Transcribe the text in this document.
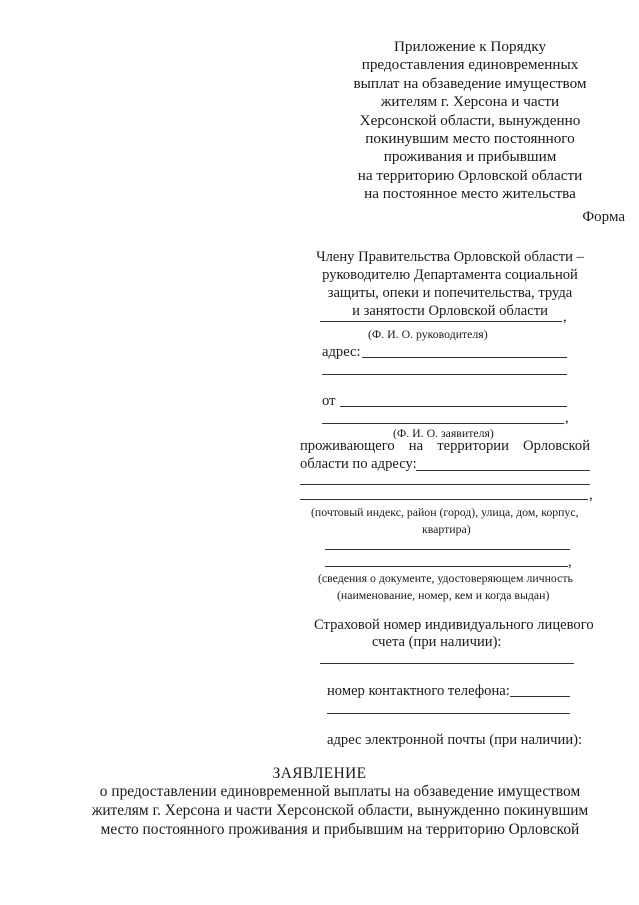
Приложение к Порядку
предоставления единовременных
выплат на обзаведение имуществом
жителям г. Херсона и части
Херсонской области, вынужденно
покинувшим место постоянного
проживания и прибывшим
на территорию Орловской области
на постоянное место жительства
Форма
Члену Правительства Орловской области –
руководителю Департамента социальной
защиты, опеки и попечительства, труда
и занятости Орловской области	,
(Ф. И. О. руководителя)
адрес:
от
,
(Ф. И. О. заявителя)
проживающего на территории Орловской
области по адресу:
,
(почтовый индекс, район (город), улица, дом, корпус,
квартира)
,
(сведения о документе, удостоверяющем личность
(наименование, номер, кем и когда выдан)
Страховой номер индивидуального лицевого
счета (при наличии):
номер контактного телефона:
адрес электронной почты (при наличии):
ЗАЯВЛЕНИЕ
о предоставлении единовременной выплаты на обзаведение имуществом
жителям г. Херсона и части Херсонской области, вынужденно покинувшим
место постоянного проживания и прибывшим на территорию Орловской
